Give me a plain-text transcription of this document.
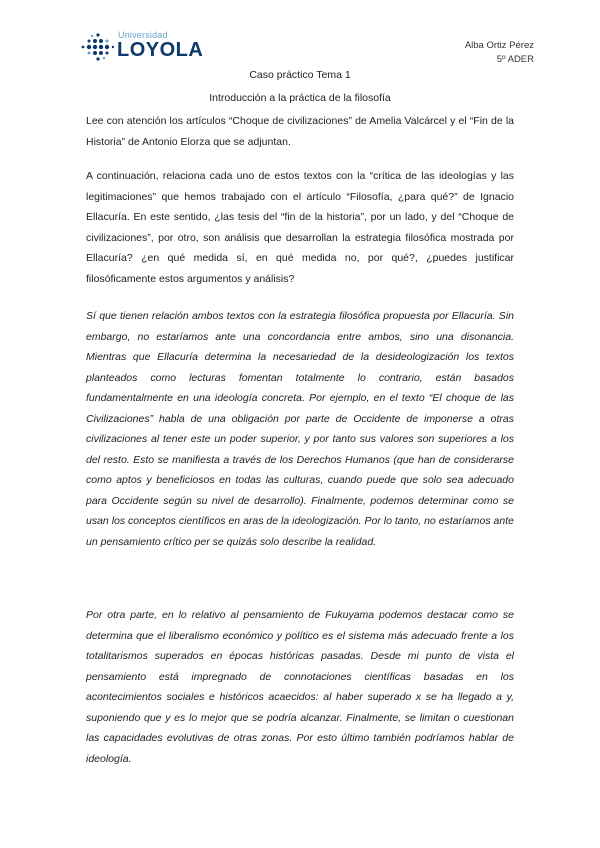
Universidad
LOYOLA	Alba Ortiz Pérez
5º ADER
Caso práctico Tema 1
Introducción a la práctica de la filosofía
Lee con atención los artículos “Choque de civilizaciones” de Amelia Valcárcel y el “Fin de la Historia” de Antonio Elorza que se adjuntan.
A continuación, relaciona cada uno de estos textos con la “crítica de las ideologías y las legitimaciones” que hemos trabajado con el artículo “Filosofía, ¿para qué?” de Ignacio Ellacuría. En este sentido, ¿las tesis del “fin de la historia”, por un lado, y del “Choque de civilizaciones”, por otro, son análisis que desarrollan la estrategia filosófica mostrada por Ellacuría? ¿en qué medida sí, en qué medida no, por qué?, ¿puedes justificar filosóficamente estos argumentos y análisis?
Sí que tienen relación ambos textos con la estrategia filosófica propuesta por Ellacuría. Sin embargo, no estaríamos ante una concordancia entre ambos, sino una disonancia. Mientras que Ellacuría determina la necesariedad de la desideologización los textos planteados como lecturas fomentan totalmente lo contrario, están basados fundamentalmente en una ideología concreta. Por ejemplo, en el texto “El choque de las Civilizaciones” habla de una obligación por parte de Occidente de imponerse a otras civilizaciones al tener este un poder superior, y por tanto sus valores son superiores a los del resto. Esto se manifiesta a través de los Derechos Humanos (que han de considerarse como aptos y beneficiosos en todas las culturas, cuando puede que solo sea adecuado para Occidente según su nivel de desarrollo). Finalmente, podemos determinar como se usan los conceptos científicos en aras de la ideologización. Por lo tanto, no estaríamos ante un pensamiento crítico per se quizás solo describe la realidad.
Por otra parte, en lo relativo al pensamiento de Fukuyama podemos destacar como se determina que el liberalismo económico y político es el sistema más adecuado frente a los totalitarismos superados en épocas históricas pasadas. Desde mi punto de vista el pensamiento está impregnado de connotaciones científicas basadas en los acontecimientos sociales e históricos acaecidos: al haber superado x se ha llegado a y, suponiendo que y es lo mejor que se podría alcanzar. Finalmente, se limitan o cuestionan las capacidades evolutivas de otras zonas. Por esto último también podríamos hablar de ideología.
